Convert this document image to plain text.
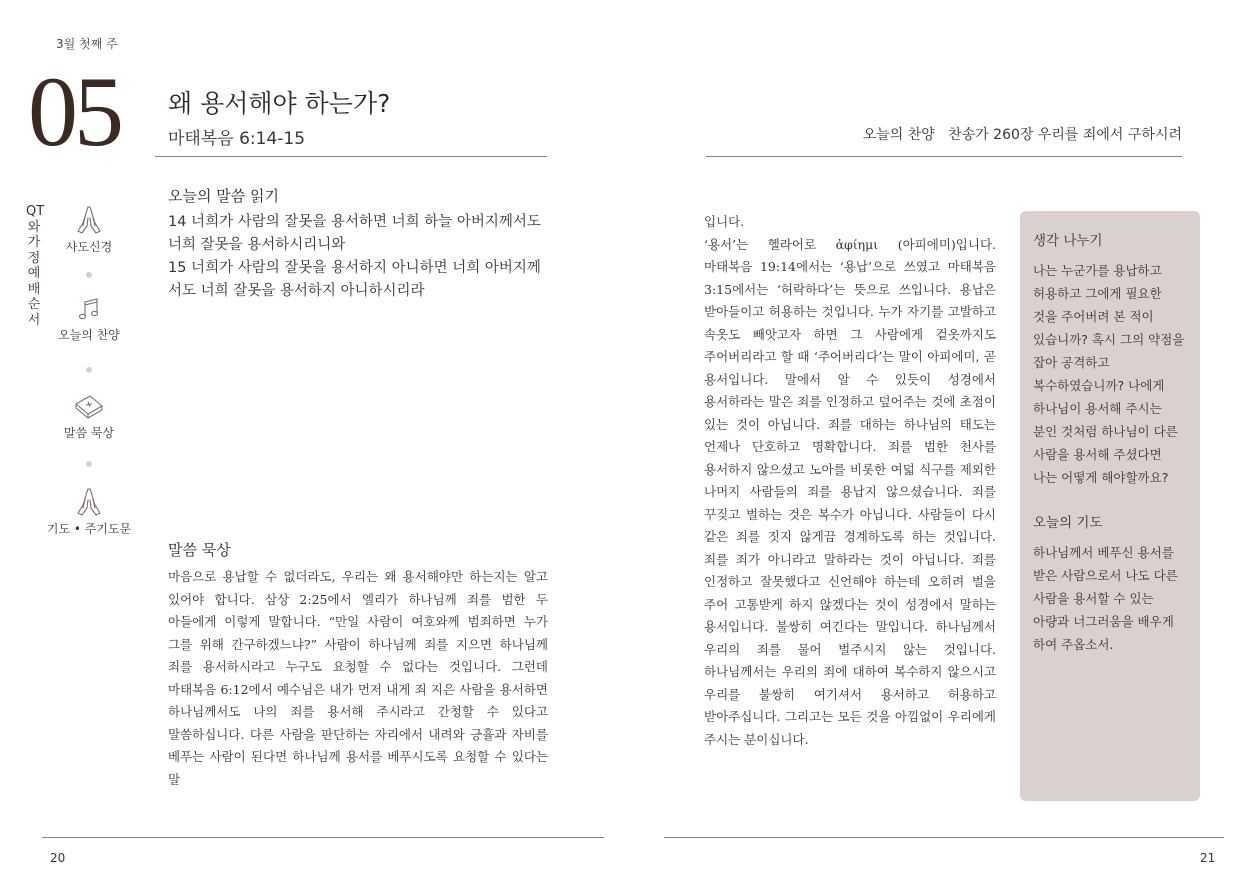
3월 첫째 주
05 왜 용서해야 하는가?
마태복음 6:14-15
QT와 가정예배 순서
사도신경
오늘의 찬양
말씀 묵상
기도 • 주기도문
오늘의 말씀 읽기

14 너희가 사람의 잘못을 용서하면 너희 하늘 아버지께서도 너희 잘못을 용서하시리니와

15 너희가 사람의 잘못을 용서하지 아니하면 너희 아버지께서도 너희 잘못을 용서하지 아니하시리라

말씀 묵상

마음으로 용납할 수 없더라도, 우리는 왜 용서해야만 하는지는 알고 있어야 합니다. 삼상 2:25에서 엘리가 하나님께 죄를 범한 두 아들에게 이렇게 말합니다. “만일 사람이 여호와께 범죄하면 누가 그를 위해 간구하겠느냐?” 사람이 하나님께 죄를 지으면 하나님께 죄를 용서하시라고 누구도 요청할 수 없다는 것입니다. 그런데 마태복음 6:12에서 예수님은 내가 먼저 내게 죄 지은 사람을 용서하면 하나님께서도 나의 죄를 용서해 주시라고 간청할 수 있다고 말씀하십니다. 다른 사람을 판단하는 자리에서 내려와 긍휼과 자비를 베푸는 사람이 된다면 하나님께 용서를 베푸시도록 요청할 수 있다는 말

20
오늘의 찬양 찬송가 260장 우리를 죄에서 구하시려

입니다.

‘용서’는 헬라어로 ἀφίημι (아피에미)입니다. 마태복음 19:14에서는 ‘용납’으로 쓰였고 마태복음 3:15에서는 ‘허락하다’는 뜻으로 쓰입니다. 용납은 받아들이고 허용하는 것입니다. 누가 자기를 고발하고 속옷도 빼앗고자 하면 그 사람에게 겉옷까지도 주어버리라고 할 때 ‘주어버리다’는 말이 아피에미, 곧 용서입니다. 말에서 알 수 있듯이 성경에서 용서하라는 말은 죄를 인정하고 덮어주는 것에 초점이 있는 것이 아닙니다. 죄를 대하는 하나님의 태도는 언제나 단호하고 명확합니다. 죄를 범한 천사를 용서하지 않으셨고 노아를 비롯한 여덟 식구를 제외한 나머지 사람들의 죄를 용납지 않으셨습니다. 죄를 꾸짖고 벌하는 것은 복수가 아닙니다. 사람들이 다시 같은 죄를 짓지 않게끔 경계하도록 하는 것입니다. 죄를 죄가 아니라고 말하라는 것이 아닙니다. 죄를 인정하고 잘못했다고 신언해야 하는데 오히려 벌을 주어 고통받게 하지 않겠다는 것이 성경에서 말하는 용서입니다. 불쌍히 여긴다는 말입니다. 하나님께서 우리의 죄를 물어 벌주시지 않는 것입니다. 하나님께서는 우리의 죄에 대하여 복수하지 않으시고 우리를 불쌍히 여기셔서 용서하고 허용하고 받아주십니다. 그리고는 모든 것을 아낌없이 우리에게 주시는 분이십니다.

생각 나누기

나는 누군가를 용납하고 허용하고 그에게 필요한 것을 주어버려 본 적이 있습니까? 혹시 그의 약점을 잡아 공격하고 복수하였습니까? 나에게 하나님이 용서해 주시는 분인 것처럼 하나님이 다른 사람을 용서해 주셨다면 나는 어떻게 해야할까요?

오늘의 기도

하나님께서 베푸신 용서를 받은 사람으로서 나도 다른 사람을 용서할 수 있는 아량과 너그러움을 배우게 하여 주옵소서.

21
